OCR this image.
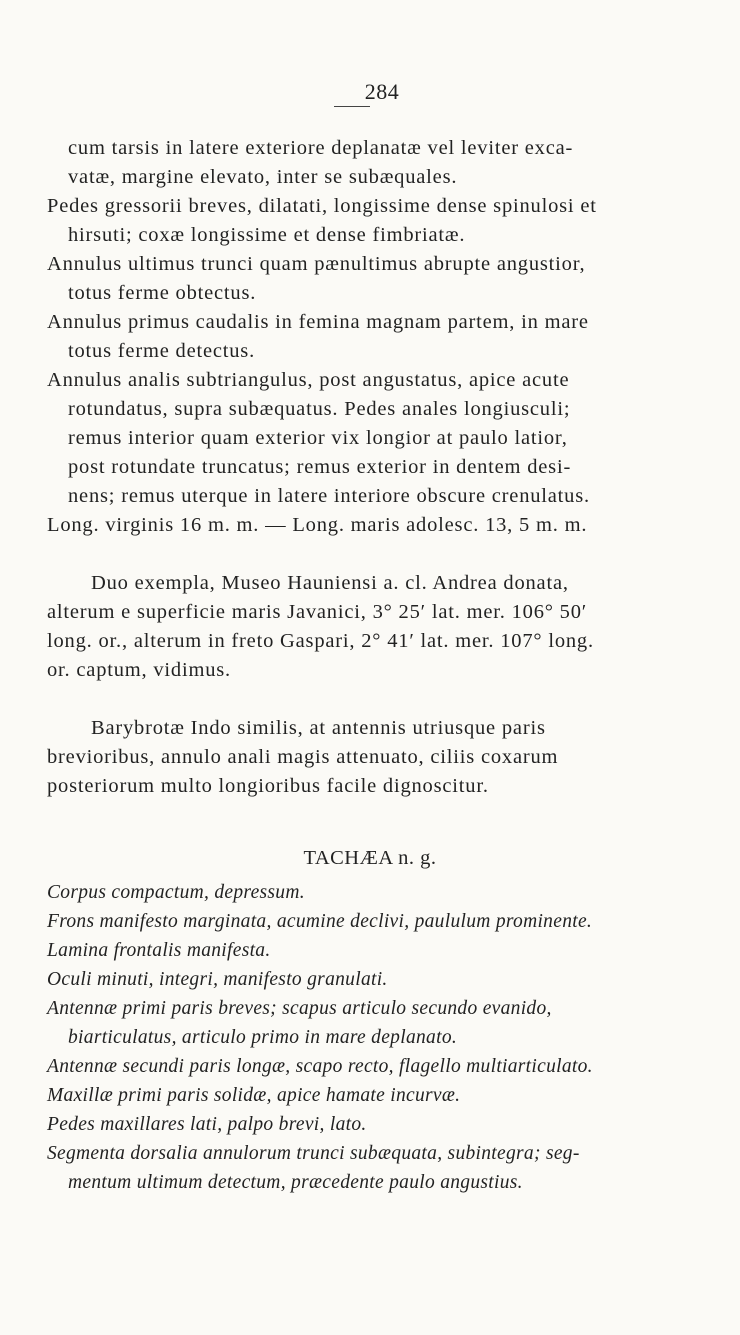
284
cum tarsis in latere exteriore deplanatæ vel leviter exca-
vatæ, margine elevato, inter se subæquales.
Pedes gressorii breves, dilatati, longissime dense spinulosi et
hirsuti; coxæ longissime et dense fimbriatæ.
Annulus ultimus trunci quam pænultimus abrupte angustior,
totus ferme obtectus.
Annulus primus caudalis in femina magnam partem, in mare
totus ferme detectus.
Annulus analis subtriangulus, post angustatus, apice acute
rotundatus, supra subæquatus. Pedes anales longiusculi;
remus interior quam exterior vix longior at paulo latior,
post rotundate truncatus; remus exterior in dentem desi-
nens; remus uterque in latere interiore obscure crenulatus.
Long. virginis 16 m. m. — Long. maris adolesc. 13, 5 m. m.
Duo exempla, Museo Hauniensi a. cl. Andrea donata,
alterum e superficie maris Javanici, 3° 25′ lat. mer. 106° 50′
long. or., alterum in freto Gaspari, 2° 41′ lat. mer. 107° long.
or. captum, vidimus.
Barybrotæ Indo similis, at antennis utriusque paris
brevioribus, annulo anali magis attenuato, ciliis coxarum
posteriorum multo longioribus facile dignoscitur.
TACHÆA n. g.
Corpus compactum, depressum.
Frons manifesto marginata, acumine declivi, paululum prominente.
Lamina frontalis manifesta.
Oculi minuti, integri, manifesto granulati.
Antennæ primi paris breves; scapus articulo secundo evanido,
biarticulatus, articulo primo in mare deplanato.
Antennæ secundi paris longæ, scapo recto, flagello multiarticulato.
Maxillæ primi paris solidæ, apice hamate incurvæ.
Pedes maxillares lati, palpo brevi, lato.
Segmenta dorsalia annulorum trunci subæquata, subintegra; seg-
mentum ultimum detectum, præcedente paulo angustius.
